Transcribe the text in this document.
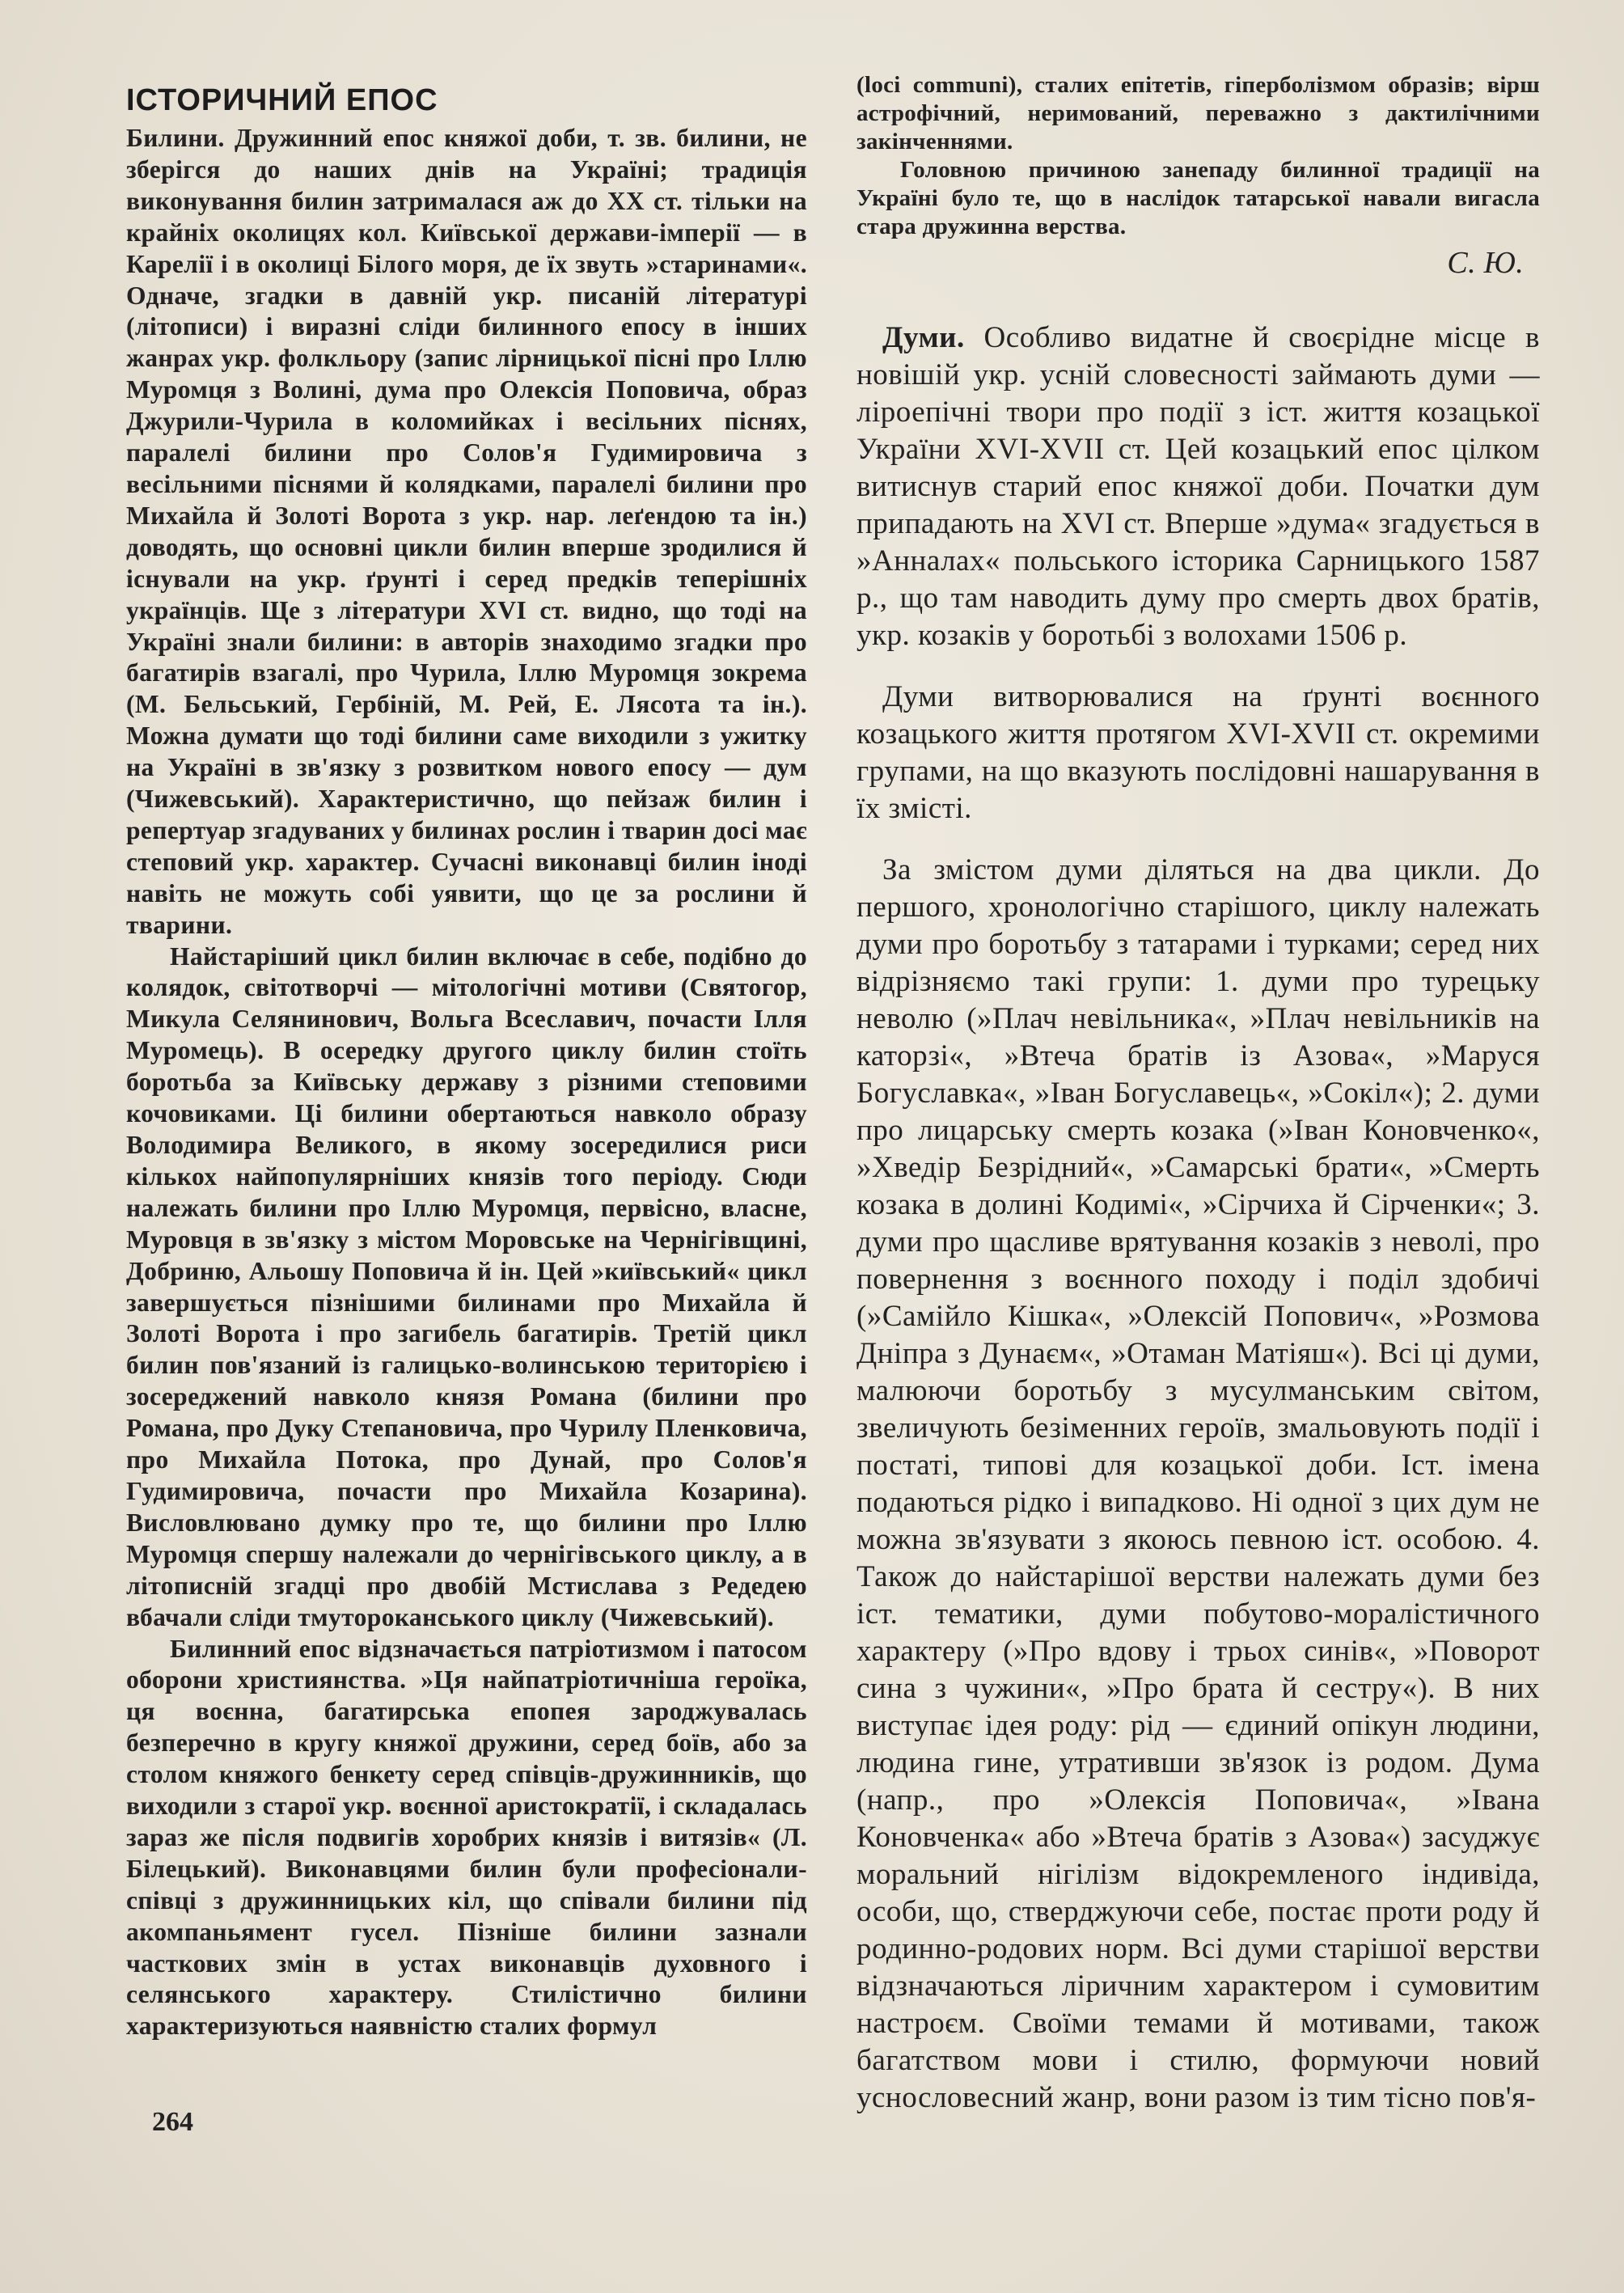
ІСТОРИЧНИЙ ЕПОС

Билини. Дружинний епос княжої доби, т. зв. билини, не зберігся до наших днів на Україні; традиція виконування билин затрималася аж до XX ст. тільки на крайніх околицях кол. Київської держави-імперії — в Карелії і в околиці Білого моря, де їх звуть »старинами«. Одначе, згадки в давній укр. писаній літературі (літописи) і виразні сліди билинного епосу в інших жанрах укр. фолкльору (запис лірницької пісні про Іллю Муромця з Волині, дума про Олексія Поповича, образ Джурили-Чурила в коломийках і весільних піснях, паралелі билини про Солов'я Гудимировича з весільними піснями й колядками, паралелі билини про Михайла й Золоті Ворота з укр. нар. леґендою та ін.) доводять, що основні цикли билин вперше зродилися й існували на укр. ґрунті і серед предків теперішніх українців. Ще з літератури XVI ст. видно, що тоді на Україні знали билини: в авторів знаходимо згадки про багатирів взагалі, про Чурила, Іллю Муромця зокрема (М. Бельський, Гербіній, М. Рей, Е. Лясота та ін.). Можна думати що тоді билини саме виходили з ужитку на Україні в зв'язку з розвитком нового епосу — дум (Чижевський). Характеристично, що пейзаж билин і репертуар згадуваних у билинах рослин і тварин досі має степовий укр. характер. Сучасні виконавці билин іноді навіть не можуть собі уявити, що це за рослини й тварини.

Найстаріший цикл билин включає в себе, подібно до колядок, світотворчі — мітологічні мотиви (Святогор, Микула Селянинович, Вольга Всеславич, почасти Ілля Муромець). В осередку другого циклу билин стоїть боротьба за Київську державу з різними степовими кочовиками. Ці билини обертаються навколо образу Володимира Великого, в якому зосередилися риси кількох найпопулярніших князів того періоду. Сюди належать билини про Іллю Муромця, первісно, власне, Муровця в зв'язку з містом Моровське на Чернігівщині, Добриню, Альошу Поповича й ін. Цей »київський« цикл завершується пізнішими билинами про Михайла й Золоті Ворота і про загибель багатирів. Третій цикл билин пов'язаний із галицько-волинською територією і зосереджений навколо князя Романа (билини про Романа, про Дуку Степановича, про Чурилу Пленковича, про Михайла Потока, про Дунай, про Солов'я Гудимировича, почасти про Михайла Козарина). Висловлювано думку про те, що билини про Іллю Муромця спершу належали до чернігівського циклу, а в літописній згадці про двобій Мстислава з Редедею вбачали сліди тмутороканського циклу (Чижевський).

Билинний епос відзначається патріотизмом і патосом оборони християнства. »Ця найпатріотичніша героїка, ця воєнна, багатирська епопея зароджувалась безперечно в кругу княжої дружини, серед боїв, або за столом княжого бенкету серед співців-дружинників, що виходили з старої укр. воєнної аристократії, і складалась зараз же після подвигів хоробрих князів і витязів« (Л. Білецький). Виконавцями билин були професіонали-співці з дружинницьких кіл, що співали билини під акомпаньямент гусел. Пізніше билини зазнали часткових змін в устах виконавців духовного і селянського характеру. Стилістично билини характеризуються наявністю сталих формул

(loci communi), сталих епітетів, гіперболізмом образів; вірш астрофічний, неримований, переважно з дактилічними закінченнями.

Головною причиною занепаду билинної традиції на Україні було те, що в наслідок татарської навали вигасла стара дружинна верства.

С. Ю.

Думи. Особливо видатне й своєрідне місце в новішій укр. усній словесності займають думи — ліроепічні твори про події з іст. життя козацької України XVI-XVII ст. Цей козацький епос цілком витиснув старий епос княжої доби. Початки дум припадають на XVI ст. Вперше »дума« згадується в »Анналах« польського історика Сарницького 1587 р., що там наводить думу про смерть двох братів, укр. козаків у боротьбі з волохами 1506 р.

Думи витворювалися на ґрунті воєнного козацького життя протягом XVI-XVII ст. окремими групами, на що вказують послідовні нашарування в їх змісті.

За змістом думи діляться на два цикли. До першого, хронологічно старішого, циклу належать думи про боротьбу з татарами і турками; серед них відрізняємо такі групи: 1. думи про турецьку неволю (»Плач невільника«, »Плач невільників на каторзі«, »Втеча братів із Азова«, »Маруся Богуславка«, »Іван Богуславець«, »Сокіл«); 2. думи про лицарську смерть козака (»Іван Коновченко«, »Хведір Безрідний«, »Самарські брати«, »Смерть козака в долині Кодимі«, »Сірчиха й Сірченки«; 3. думи про щасливе врятування козаків з неволі, про повернення з воєнного походу і поділ здобичі (»Самійло Кішка«, »Олексій Попович«, »Розмова Дніпра з Дунаєм«, »Отаман Матіяш«). Всі ці думи, малюючи боротьбу з мусулманським світом, звеличують безіменних героїв, змальовують події і постаті, типові для козацької доби. Іст. імена подаються рідко і випадково. Ні одної з цих дум не можна зв'язувати з якоюсь певною іст. особою. 4. Також до найстарішої верстви належать думи без іст. тематики, думи побутово-моралістичного характеру (»Про вдову і трьох синів«, »Поворот сина з чужини«, »Про брата й сестру«). В них виступає ідея роду: рід — єдиний опікун людини, людина гине, утративши зв'язок із родом. Дума (напр., про »Олексія Поповича«, »Івана Коновченка« або »Втеча братів з Азова«) засуджує моральний нігілізм відокремленого індивіда, особи, що, стверджуючи себе, постає проти роду й родинно-родових норм. Всі думи старішої верстви відзначаються ліричним характером і сумовитим настроєм. Своїми темами й мотивами, також багатством мови і стилю, формуючи новий уснословесний жанр, вони разом із тим тісно пов'я-

264
